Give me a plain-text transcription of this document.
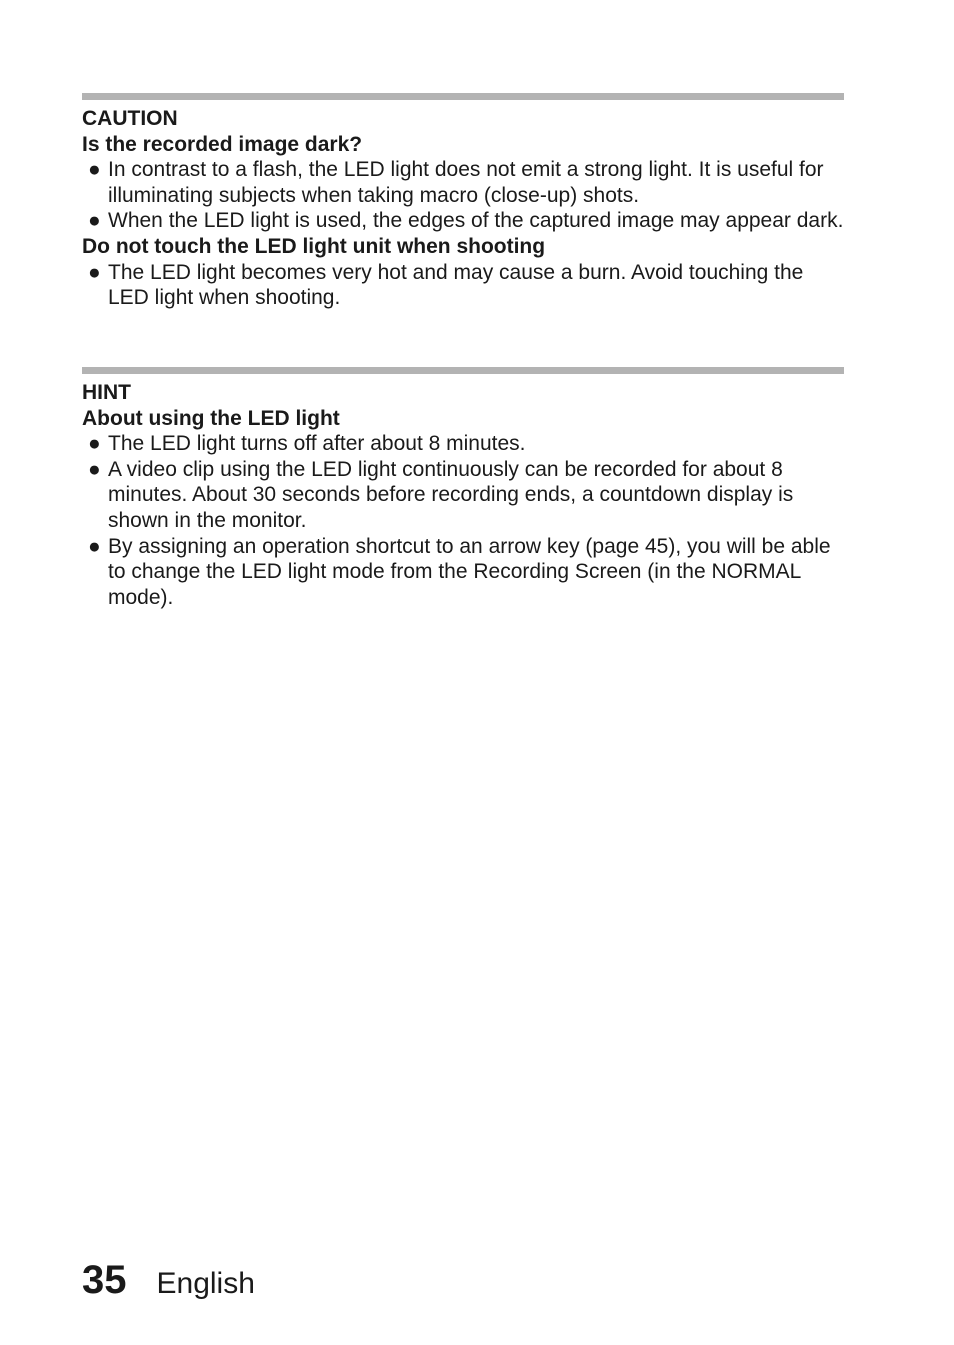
CAUTION
Is the recorded image dark?
● In contrast to a flash, the LED light does not emit a strong light. It is useful for illuminating subjects when taking macro (close-up) shots.
● When the LED light is used, the edges of the captured image may appear dark.
Do not touch the LED light unit when shooting
● The LED light becomes very hot and may cause a burn. Avoid touching the LED light when shooting.
HINT
About using the LED light
● The LED light turns off after about 8 minutes.
● A video clip using the LED light continuously can be recorded for about 8 minutes. About 30 seconds before recording ends, a countdown display is shown in the monitor.
● By assigning an operation shortcut to an arrow key (page 45), you will be able to change the LED light mode from the Recording Screen (in the NORMAL mode).
35 English
